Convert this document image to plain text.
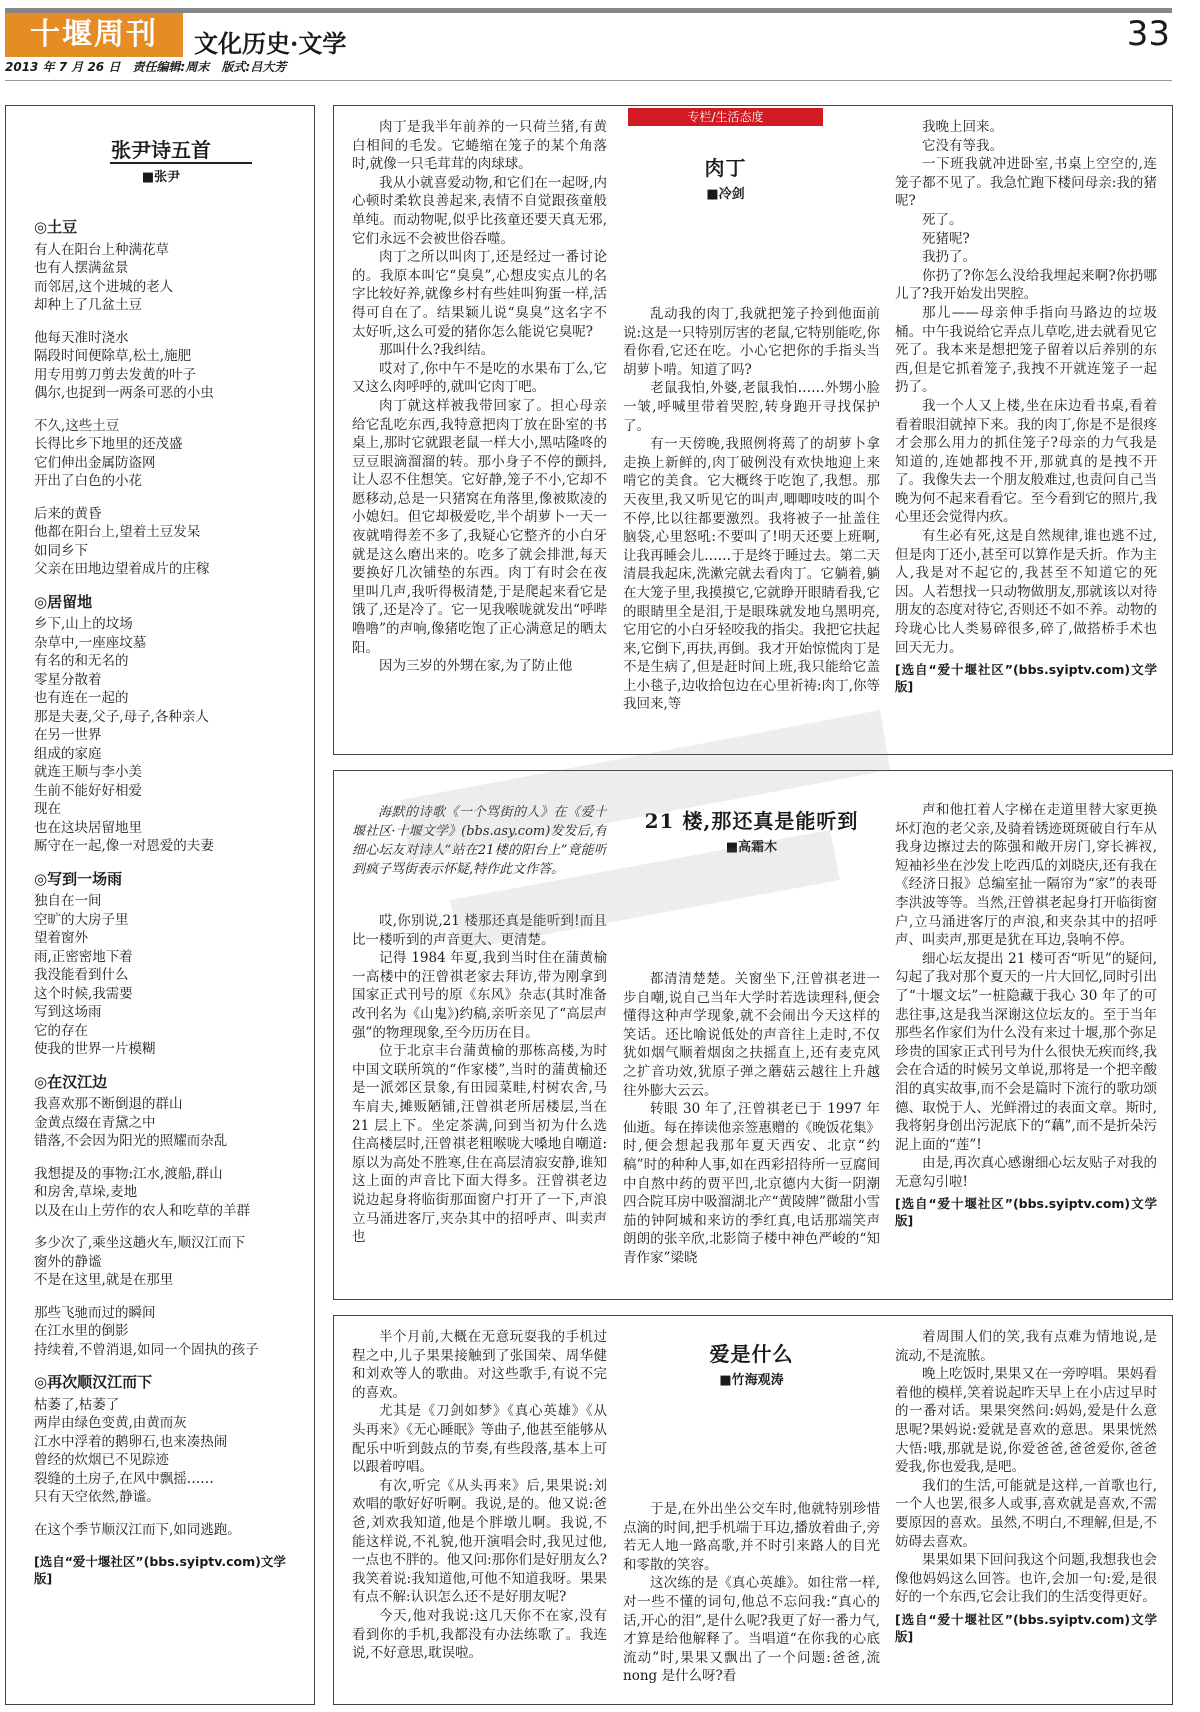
十堰周刊	文化历史·文学	33
2013 年 7 月 26 日 责任编辑:周末 版式:吕大芳
张尹诗五首
■张尹
◎土豆
有人在阳台上种满花草
也有人摆满盆景
而邻居,这个进城的老人
却种上了几盆土豆
他每天准时浇水
隔段时间便除草,松土,施肥
用专用剪刀剪去发黄的叶子
偶尔,也捉到一两条可恶的小虫
不久,这些土豆
长得比乡下地里的还茂盛
它们伸出金属防盗网
开出了白色的小花
后来的黄昏
他都在阳台上,望着土豆发呆
如同乡下
父亲在田地边望着成片的庄稼
◎居留地
乡下,山上的坟场
杂草中,一座座坟墓
有名的和无名的
零星分散着
也有连在一起的
那是夫妻,父子,母子,各种亲人
在另一世界
组成的家庭
就连王顺与李小美
生前不能好好相爱
现在
也在这块居留地里
厮守在一起,像一对恩爱的夫妻
◎写到一场雨
独自在一间
空旷的大房子里
望着窗外
雨,正密密地下着
我没能看到什么
这个时候,我需要
写到这场雨
它的存在
使我的世界一片模糊
◎在汉江边
我喜欢那不断倒退的群山
金黄点缀在青黛之中
错落,不会因为阳光的照耀而杂乱
我想提及的事物:江水,渡船,群山
和房舍,草垛,麦地
以及在山上劳作的农人和吃草的羊群
多少次了,乘坐这趟火车,顺汉江而下
窗外的静谧
不是在这里,就是在那里
那些飞驰而过的瞬间
在江水里的倒影
持续着,不曾消退,如同一个固执的孩子
◎再次顺汉江而下
枯萎了,枯萎了
两岸由绿色变黄,由黄而灰
江水中浮着的鹅卵石,也来凑热闹
曾经的炊烟已不见踪迹
裂缝的土房子,在风中飘摇……
只有天空依然,静谧。
在这个季节顺汉江而下,如同逃跑。
[选自“爱十堰社区”(bbs.syiptv.com)文学版]
专栏/生活态度
肉丁
■冷剑

肉丁是我半年前养的一只荷兰猪,有黄白相间的毛发。它蜷缩在笼子的某个角落时,就像一只毛茸茸的肉球球。

我从小就喜爱动物,和它们在一起呀,内心顿时柔软良善起来,表情不自觉跟孩童般单纯。而动物呢,似乎比孩童还要天真无邪,它们永远不会被世俗吞噬。

肉丁之所以叫肉丁,还是经过一番讨论的。我原本叫它“臭臭”,心想皮实点儿的名字比较好养,就像乡村有些娃叫狗蛋一样,活得可自在了。结果颖儿说“臭臭”这名字不太好听,这么可爱的猪你怎么能说它臭呢?

那叫什么?我纠结。

哎对了,你中午不是吃的水果布丁么,它又这么肉呼呼的,就叫它肉丁吧。

肉丁就这样被我带回家了。担心母亲给它乱吃东西,我特意把肉丁放在卧室的书桌上,那时它就跟老鼠一样大小,黑咕隆咚的豆豆眼滴溜溜的转。那小身子不停的颤抖,让人忍不住想笑。它好静,笼子不小,它却不愿移动,总是一只猪窝在角落里,像被欺凌的小媳妇。但它却极爱吃,半个胡萝卜一天一夜就啃得差不多了,我疑心它整齐的小白牙就是这么磨出来的。吃多了就会排泄,每天要换好几次铺垫的东西。肉丁有时会在夜里叫几声,我听得极清楚,于是爬起来看它是饿了,还是冷了。它一见我喉咙就发出“呼哔噜噜”的声响,像猪吃饱了正心满意足的晒太阳。

因为三岁的外甥在家,为了防止他

乱动我的肉丁,我就把笼子拎到他面前说:这是一只特别厉害的老鼠,它特别能吃,你看你看,它还在吃。小心它把你的手指头当胡萝卜啃。知道了吗?

老鼠我怕,外婆,老鼠我怕……外甥小脸一皱,呼喊里带着哭腔,转身跑开寻找保护了。

有一天傍晚,我照例将蔫了的胡萝卜拿走换上新鲜的,肉丁破例没有欢快地迎上来啃它的美食。它大概终于吃饱了,我想。那天夜里,我又听见它的叫声,唧唧吱吱的叫个不停,比以往都要激烈。我将被子一扯盖住脑袋,心里怒吼:不要叫了!明天还要上班啊,让我再睡会儿……于是终于睡过去。第二天清晨我起床,洗漱完就去看肉丁。它躺着,躺在大笼子里,我摸摸它,它就睁开眼睛看我,它的眼睛里全是泪,于是眼珠就发地乌黑明亮,它用它的小白牙轻咬我的指尖。我把它扶起来,它倒下,再扶,再倒。我才开始惊慌肉丁是不是生病了,但是赶时间上班,我只能给它盖上小毯子,边收拾包边在心里祈祷:肉丁,你等我回来,等

我晚上回来。

它没有等我。

一下班我就冲进卧室,书桌上空空的,连笼子都不见了。我急忙跑下楼问母亲:我的猪呢?

死了。

死猪呢?

我扔了。

你扔了?你怎么没给我埋起来啊?你扔哪儿了?我开始发出哭腔。

那儿——母亲伸手指向马路边的垃圾桶。中午我说给它弄点儿草吃,进去就看见它死了。我本来是想把笼子留着以后养别的东西,但是它抓着笼子,我拽不开就连笼子一起扔了。

我一个人又上楼,坐在床边看书桌,看着看着眼泪就掉下来。我的肉丁,你是不是很疼才会那么用力的抓住笼子?母亲的力气我是知道的,连她都拽不开,那就真的是拽不开了。我像失去一个朋友般难过,也责问自己当晚为何不起来看看它。至今看到它的照片,我心里还会觉得内疚。

有生必有死,这是自然规律,谁也逃不过,但是肉丁还小,甚至可以算作是夭折。作为主人,我是对不起它的,我甚至不知道它的死因。人若想找一只动物做朋友,那就该以对待朋友的态度对待它,否则还不如不养。动物的玲珑心比人类易碎很多,碎了,做搭桥手术也回天无力。

[选自“爱十堰社区”(bbs.syiptv.com)文学版]
海默的诗歌《一个骂街的人》在《爱十堰社区·十堰文学》(bbs.asy.com)发发后,有细心坛友对诗人“站在21楼的阳台上”竟能听到疯子骂街表示怀疑,特作此文作答。
21 楼,那还真是能听到
■高霜木

哎,你别说,21 楼那还真是能听到!而且比一楼听到的声音更大、更清楚。

记得 1984 年夏,我到当时住在蒲黄榆一高楼中的汪曾祺老家去拜访,带为刚拿到国家正式刊号的原《东风》杂志(其时准备改刊名为《山鬼》)约稿,亲听亲见了“高层声强”的物理现象,至今历历在目。

位于北京丰台蒲黄榆的那栋高楼,为时中国文联所筑的“作家楼”,当时的蒲黄榆还是一派郊区景象,有田园菜畦,村树农舍,马车肩夫,摊贩陋铺,汪曾祺老所居楼层,当在 21 层上下。坐定茶满,问到当初为什么选住高楼层时,汪曾祺老粗喉咙大嗓地自嘲道:原以为高处不胜寒,住在高层清寂安静,谁知这上面的声音比下面大得多。汪曾祺老边说边起身将临街那面窗户打开了一下,声浪立马涌进客厅,夹杂其中的招呼声、叫卖声也

都清清楚楚。关窗坐下,汪曾祺老进一步自嘲,说自己当年大学时若选读理科,便会懂得这种声学现象,就不会闹出今天这样的笑话。还比喻说低处的声音往上走时,不仅犹如烟气顺着烟囱之扶摇直上,还有麦克风之扩音功效,犹原子弹之蘑菇云越往上升越往外膨大云云。

转眼 30 年了,汪曾祺老已于 1997 年仙逝。每在捧读他亲签惠赠的《晚饭花集》时,便会想起我那年夏天西安、北京“约稿”时的种种人事,如在西彩招待所一豆腐间中自熬中药的贾平凹,北京德内大街一阴潮四合院耳房中吸溜湖北产“黄陵牌”微甜小雪茄的钟阿城和来访的季红真,电话那端笑声朗朗的张辛欣,北影筒子楼中神色严峻的“知青作家”梁晓

声和他扛着人字梯在走道里替大家更换坏灯泡的老父亲,及骑着锈迹斑斑破自行车从我身边擦过去的陈强和敞开房门,穿长裤衩,短袖衫坐在沙发上吃西瓜的刘晓庆,还有我在《经济日报》总编室扯一隔帘为“家”的表哥李洪波等等。当然,汪曾祺老起身打开临街窗户,立马涌进客厅的声浪,和夹杂其中的招呼声、叫卖声,那更是犹在耳边,袅响不停。

细心坛友提出 21 楼可否“听见”的疑问,勾起了我对那个夏天的一片大回忆,同时引出了“十堰文坛”一桩隐藏于我心 30 年了的可悲往事,这是我当深谢这位坛友的。至于当年那些名作家们为什么没有来过十堰,那个弥足珍贵的国家正式刊号为什么很快无疾而终,我会在合适的时候另文单说,那将是一个把辛酸泪的真实故事,而不会是篇时下流行的歌功颂德、取悦于人、光鲜滑过的表面文章。斯时,我将躬身创出污泥底下的“藕”,而不是折朵污泥上面的“莲”!

由是,再次真心感谢细心坛友贴子对我的无意勾引啦!

[选自“爱十堰社区”(bbs.syiptv.com)文学版]
爱是什么
■竹海观涛

半个月前,大概在无意玩耍我的手机过程之中,儿子果果接触到了张国荣、周华健和刘欢等人的歌曲。对这些歌手,有说不完的喜欢。

尤其是《刀剑如梦》《真心英雄》《从头再来》《无心睡眠》等曲子,他甚至能够从配乐中听到鼓点的节奏,有些段落,基本上可以跟着哼唱。

有次,听完《从头再来》后,果果说:刘欢唱的歌好好听啊。我说,是的。他又说:爸爸,刘欢我知道,他是个胖墩儿啊。我说,不能这样说,不礼貌,他开演唱会时,我见过他,一点也不胖的。他又问:那你们是好朋友么?我笑着说:我知道他,可他不知道我呀。果果有点不解:认识怎么还不是好朋友呢?

今天,他对我说:这几天你不在家,没有看到你的手机,我都没有办法练歌了。我连说,不好意思,耽误啦。

于是,在外出坐公交车时,他就特别珍惜点滴的时间,把手机端于耳边,播放着曲子,旁若无人地一路高歌,并不时引来路人的目光和零散的笑容。

这次练的是《真心英雄》。如往常一样,对一些不懂的词句,他总不忘问我:“真心的话,开心的泪”,是什么呢?我更了好一番力气,才算是给他解释了。当唱道“在你我的心底流动”时,果果又飘出了一个问题:爸爸,流 nong 是什么呀?看

着周围人们的笑,我有点难为情地说,是流动,不是流脓。

晚上吃饭时,果果又在一旁哼唱。果妈看着他的模样,笑着说起昨天早上在小店过早时的一番对话。果果突然问:妈妈,爱是什么意思呢?果妈说:爱就是喜欢的意思。果果恍然大悟:哦,那就是说,你爱爸爸,爸爸爱你,爸爸爱我,你也爱我,是吧。

我们的生活,可能就是这样,一首歌也行,一个人也罢,很多人或事,喜欢就是喜欢,不需要原因的喜欢。虽然,不明白,不理解,但是,不妨碍去喜欢。

果果如果下回问我这个问题,我想我也会像他妈妈这么回答。也许,会加一句:爱,是很好的一个东西,它会让我们的生活变得更好。

[选自“爱十堰社区”(bbs.syiptv.com)文学版]
